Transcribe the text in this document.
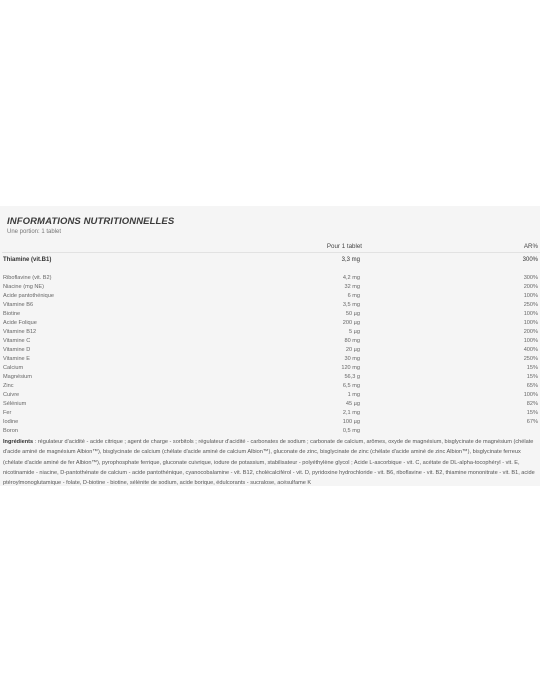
INFORMATIONS NUTRITIONNELLES
Une portion: 1 tablet
Pour 1 tablet	AR%
Thiamine (vit.B1)	3,3 mg	300%
Riboflavine (vit. B2)	4,2 mg	300%
Niacine (mg NE)	32 mg	200%
Acide pantothénique	6 mg	100%
Vitamine B6	3,5 mg	250%
Biotine	50 µg	100%
Acide Folique	200 µg	100%
Vitamine B12	5 µg	200%
Vitamine C	80 mg	100%
Vitamine D	20 µg	400%
Vitamine E	30 mg	250%
Calcium	120 mg	15%
Magnésium	56,3 g	15%
Zinc	6,5 mg	65%
Cuivre	1 mg	100%
Sélénium	45 µg	82%
Fer	2,1 mg	15%
Iodine	100 µg	67%
Boron	0,5 mg
Ingrédients : régulateur d'acidité - acide citrique ; agent de charge - sorbitols ; régulateur d'acidité - carbonates de sodium ; carbonate de calcium, arômes, oxyde de magnésium, bisglycinate de magnésium (chélate d'acide aminé de magnésium Albion™), bisglycinate de calcium (chélate d'acide aminé de calcium Albion™), gluconate de zinc, bisglycinate de zinc (chélate d'acide aminé de zinc Albion™), bisglycinate ferreux (chélate d'acide aminé de fer Albion™), pyrophosphate ferrique, gluconate cuivrique, iodure de potassium, stabilisateur - polyéthylène glycol ; Acide L-ascorbique - vit. C, acétate de DL-alpha-tocophéryl - vit. E, nicotinamide - niacine, D-pantothénate de calcium - acide pantothénique, cyanocobalamine - vit. B12, cholécalciférol - vit. D, pyridoxine hydrochloride - vit. B6, riboflavine - vit. B2, thiamine mononitrate - vit. B1, acide ptéroylmonoglutamique - folate, D-biotine - biotine, sélénite de sodium, acide borique, édulcorants - sucralose, acésulfame K
